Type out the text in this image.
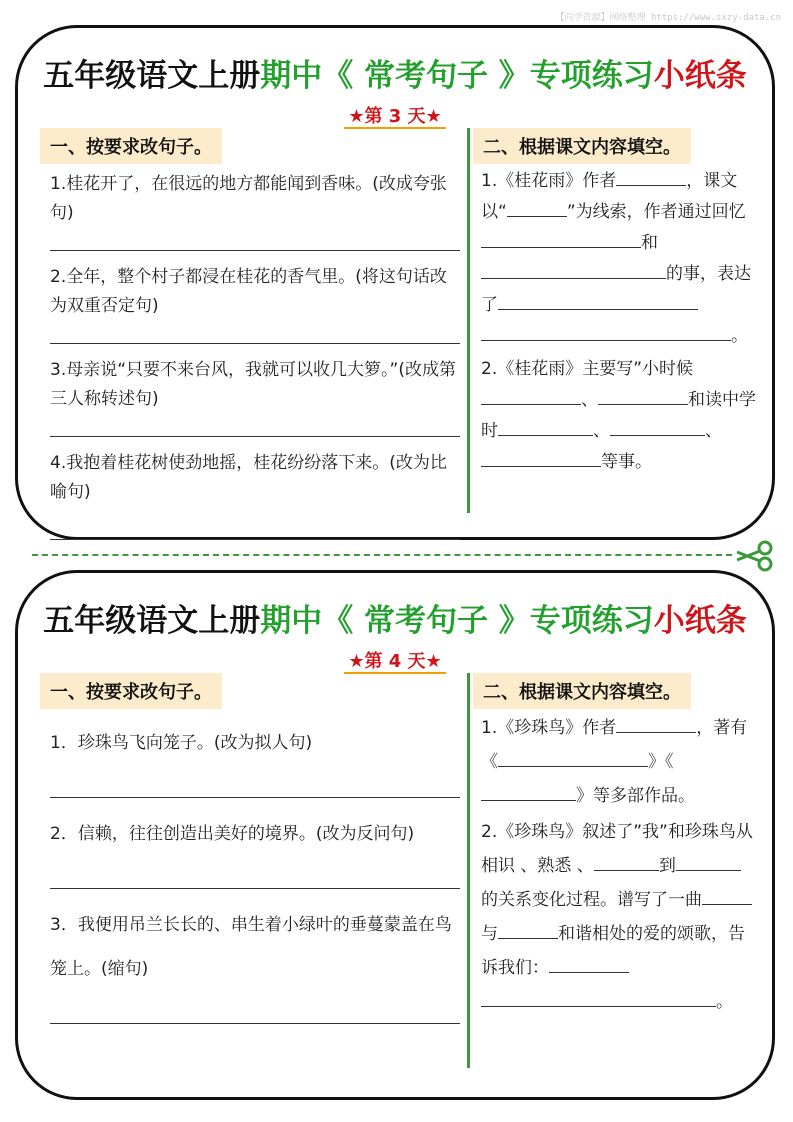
【尚学资源】网络整理 https://www.sxzy-data.cn
五年级语文上册期中《 常考句子 》专项练习小纸条
★第 3 天★
一、按要求改句子。
1.桂花开了，在很远的地方都能闻到香味。(改成夸张句)
2.全年，整个村子都浸在桂花的香气里。(将这句话改为双重否定句)
3.母亲说“只要不来台风，我就可以收几大箩。”(改成第三人称转述句)
4.我抱着桂花树使劲地摇，桂花纷纷落下来。(改为比喻句)
二、根据课文内容填空。
1.《桂花雨》作者	，课文以“	”为线索，作者通过回忆和的事，表达了。
2.《桂花雨》主要写”小时候、	和读中学时	、	、等事。
五年级语文上册期中《 常考句子 》专项练习小纸条
★第 4 天★
一、按要求改句子。
1．珍珠鸟飞向笼子。(改为拟人句)
2．信赖，往往创造出美好的境界。(改为反问句)
3．我便用吊兰长长的、串生着小绿叶的垂蔓蒙盖在鸟笼上。(缩句)
二、根据课文内容填空。
1.《珍珠鸟》作者	，著有《	》《》等多部作品。
2.《珍珠鸟》叙述了”我”和珍珠鸟从相识 、熟悉 、	到的关系变化过程。谱写了一曲与	和谐相处的爱的颂歌，告诉我们：。
